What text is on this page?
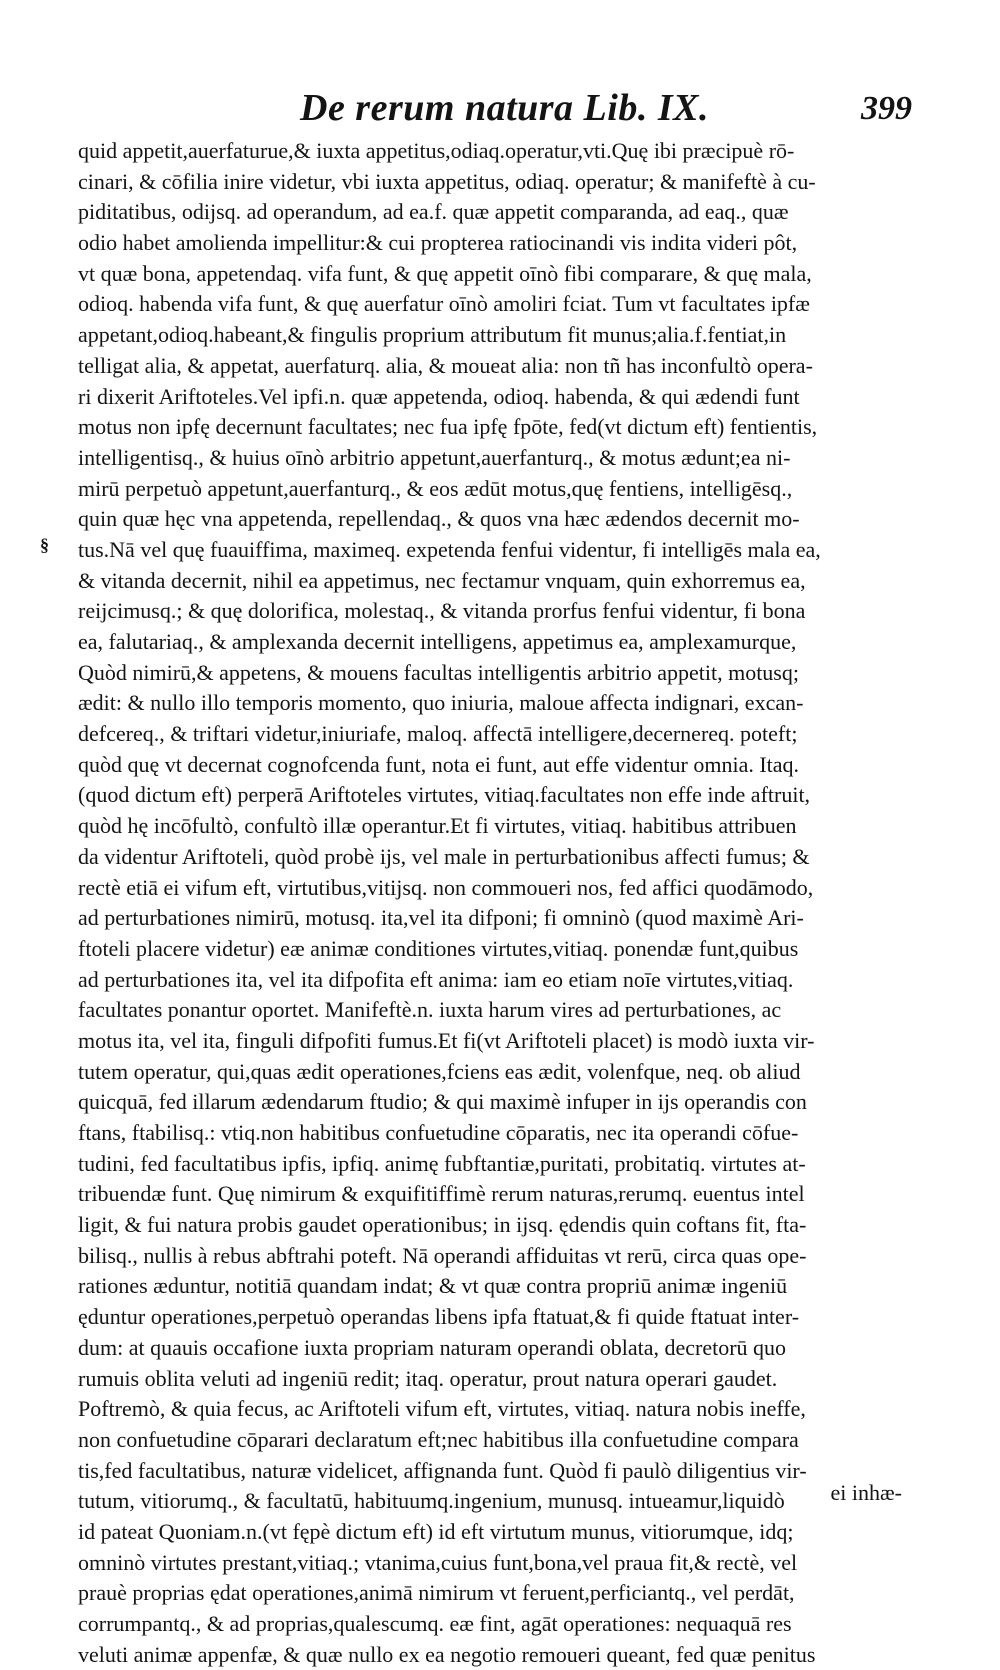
De rerum natura Lib. IX.	399
§
quid appetit,auerfaturue,& iuxta appetitus,odiaq.operatur,vti.Quę ibi præcipuè rō-
cinari, & cōfilia inire videtur, vbi iuxta appetitus, odiaq. operatur; & manifeftè à cu-
piditatibus, odijsq. ad operandum, ad ea.f. quæ appetit comparanda, ad eaq., quæ
odio habet amolienda impellitur:& cui propterea ratiocinandi vis indita videri pôt,
vt quæ bona, appetendaq. vifa funt, & quę appetit oīnò fibi comparare, & quę mala,
odioq. habenda vifa funt, & quę auerfatur oīnò amoliri fciat. Tum vt facultates ipfæ
appetant,odioq.habeant,& fingulis proprium attributum fit munus;alia.f.fentiat,in
telligat alia, & appetat, auerfaturq. alia, & moueat alia: non tñ has inconfultò opera-
ri dixerit Ariftoteles.Vel ipfi.n. quæ appetenda, odioq. habenda, & qui ædendi funt
motus non ipfę decernunt facultates; nec fua ipfę fpōte, fed(vt dictum eft) fentientis,
intelligentisq., & huius oīnò arbitrio appetunt,auerfanturq., & motus ædunt;ea ni-
mirū perpetuò appetunt,auerfanturq., & eos ædūt motus,quę fentiens, intelligēsq.,
quin quæ hęc vna appetenda, repellendaq., & quos vna hæc ædendos decernit mo-
tus.Nā vel quę fuauiffima, maximeq. expetenda fenfui videntur, fi intelligēs mala ea,
& vitanda decernit, nihil ea appetimus, nec fectamur vnquam, quin exhorremus ea,
reijcimusq.; & quę dolorifica, molestaq., & vitanda prorfus fenfui videntur, fi bona
ea, falutariaq., & amplexanda decernit intelligens, appetimus ea, amplexamurque,
Quòd nimirū,& appetens, & mouens facultas intelligentis arbitrio appetit, motusq;
ædit: & nullo illo temporis momento, quo iniuria, maloue affecta indignari, excan-
defcereq., & triftari videtur,iniuriafe, maloq. affectā intelligere,decernereq. poteft;
quòd quę vt decernat cognofcenda funt, nota ei funt, aut effe videntur omnia. Itaq.
(quod dictum eft) perperā Ariftoteles virtutes, vitiaq.facultates non effe inde aftruit,
quòd hę incōfultò, confultò illæ operantur.Et fi virtutes, vitiaq. habitibus attribuen
da videntur Ariftoteli, quòd probè ijs, vel male in perturbationibus affecti fumus; &
rectè etiā ei vifum eft, virtutibus,vitijsq. non commoueri nos, fed affici quodāmodo,
ad perturbationes nimirū, motusq. ita,vel ita difponi; fi omninò (quod maximè Ari-
ftoteli placere videtur) eæ animæ conditiones virtutes,vitiaq. ponendæ funt,quibus
ad perturbationes ita, vel ita difpofita eft anima: iam eo etiam noīe virtutes,vitiaq.
facultates ponantur oportet. Manifeftè.n. iuxta harum vires ad perturbationes, ac
motus ita, vel ita, finguli difpofiti fumus.Et fi(vt Ariftoteli placet) is modò iuxta vir-
tutem operatur, qui,quas ædit operationes,fciens eas ædit, volenfque, neq. ob aliud
quicquā, fed illarum ædendarum ftudio; & qui maximè infuper in ijs operandis con
ftans, ftabilisq.: vtiq.non habitibus confuetudine cōparatis, nec ita operandi cōfue-
tudini, fed facultatibus ipfis, ipfiq. animę fubftantiæ,puritati, probitatiq. virtutes at-
tribuendæ funt. Quę nimirum & exquifitiffimè rerum naturas,rerumq. euentus intel
ligit, & fui natura probis gaudet operationibus; in ijsq. ędendis quin coftans fit, fta-
bilisq., nullis à rebus abftrahi poteft. Nā operandi affiduitas vt rerū, circa quas ope-
rationes æduntur, notitiā quandam indat; & vt quæ contra propriū animæ ingeniū
ęduntur operationes,perpetuò operandas libens ipfa ftatuat,& fi quide ftatuat inter-
dum: at quauis occafione iuxta propriam naturam operandi oblata, decretorū quo
rumuis oblita veluti ad ingeniū redit; itaq. operatur, prout natura operari gaudet.
Poftremò, & quia fecus, ac Ariftoteli vifum eft, virtutes, vitiaq. natura nobis ineffe,
non confuetudine cōparari declaratum eft;nec habitibus illa confuetudine compara
tis,fed facultatibus, naturæ videlicet, affignanda funt. Quòd fi paulò diligentius vir-
tutum, vitiorumq., & facultatū, habituumq.ingenium, munusq. intueamur,liquidò
id pateat Quoniam.n.(vt fępè dictum eft) id eft virtutum munus, vitiorumque, idq;
omninò virtutes prestant,vitiaq.; vtanima,cuius funt,bona,vel praua fit,& rectè, vel
prauè proprias ędat operationes,animā nimirum vt feruent,perficiantq., vel perdāt,
corrumpantq., & ad proprias,qualescumq. eæ fint, agāt operationes: nequaquā res
veluti animæ appenfæ, & quæ nullo ex ea negotio remoueri queant, fed quæ penitus
ei inhæ-
